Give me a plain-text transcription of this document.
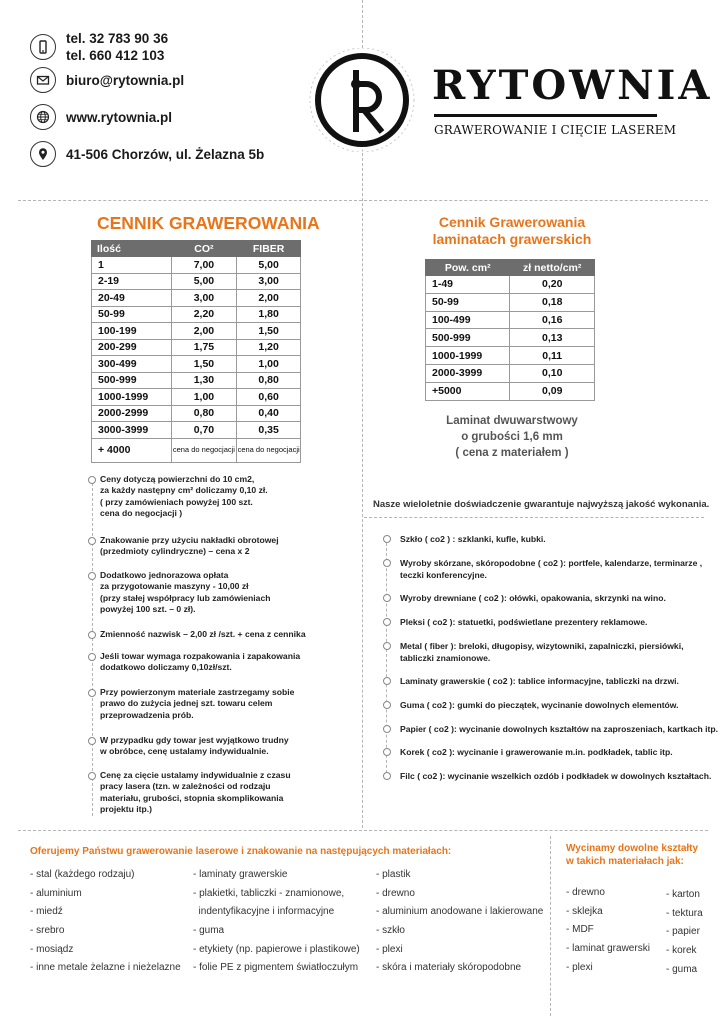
tel. 32 783 90 36
tel. 660 412 103
biuro@rytownia.pl
www.rytownia.pl
41-506 Chorzów, ul. Żelazna 5b
RYTOWNIA
GRAWEROWANIE I CIĘCIE LASEREM
CENNIK GRAWEROWANIA
Ilość	CO²	FIBER
1	7,00	5,00
2-19	5,00	3,00
20-49	3,00	2,00
50-99	2,20	1,80
100-199	2,00	1,50
200-299	1,75	1,20
300-499	1,50	1,00
500-999	1,30	0,80
1000-1999	1,00	0,60
2000-2999	0,80	0,40
3000-3999	0,70	0,35
+ 4000	cena do negocjacji	cena do negocjacji
Cennik Grawerowania
laminatach grawerskich
Pow. cm²	zł netto/cm²
1-49	0,20
50-99	0,18
100-499	0,16
500-999	0,13
1000-1999	0,11
2000-3999	0,10
+5000	0,09
Laminat dwuwarstwowy
o grubości 1,6 mm
( cena z materiałem )
Ceny dotyczą powierzchni do 10 cm2,
za każdy następny cm² doliczamy 0,10 zł.
( przy zamówieniach powyżej 100 szt.
cena do negocjacji )
Znakowanie przy użyciu nakładki obrotowej
(przedmioty cylindryczne) – cena x 2
Dodatkowo jednorazowa opłata
za przygotowanie maszyny - 10,00 zł
(przy stałej współpracy lub zamówieniach
powyżej 100 szt. – 0 zł).
Zmienność nazwisk – 2,00 zł /szt. + cena z cennika
Jeśli towar wymaga rozpakowania i zapakowania
dodatkowo doliczamy 0,10zł/szt.
Przy powierzonym materiale zastrzegamy sobie
prawo do zużycia jednej szt. towaru celem
przeprowadzenia prób.
W przypadku gdy towar jest wyjątkowo trudny
w obróbce, cenę ustalamy indywidualnie.
Cenę za cięcie ustalamy indywidualnie z czasu
pracy lasera (tzn. w zależności od rodzaju
materiału, grubości, stopnia skomplikowania
projektu itp.)
Nasze wieloletnie doświadczenie gwarantuje najwyższą jakość wykonania.
Szkło ( co2 ) : szklanki, kufle, kubki.
Wyroby skórzane, skóropodobne ( co2 ): portfele, kalendarze, terminarze ,
teczki konferencyjne.
Wyroby drewniane ( co2 ): ołówki, opakowania, skrzynki na wino.
Pleksi ( co2 ): statuetki, podświetlane prezentery reklamowe.
Metal ( fiber ): breloki, długopisy, wizytowniki, zapalniczki, piersiówki,
tabliczki znamionowe.
Laminaty grawerskie ( co2 ): tablice informacyjne, tabliczki na drzwi.
Guma ( co2 ): gumki do pieczątek, wycinanie dowolnych elementów.
Papier ( co2 ): wycinanie dowolnych kształtów na zaproszeniach, kartkach itp.
Korek ( co2 ): wycinanie i grawerowanie m.in. podkładek, tablic itp.
Filc ( co2 ): wycinanie wszelkich ozdób i podkładek w dowolnych kształtach.
Oferujemy Państwu grawerowanie laserowe i znakowanie na następujących materiałach:
- stal (każdego rodzaju)
- aluminium
- miedź
- srebro
- mosiądz
- inne metale żelazne i nieżelazne
- laminaty grawerskie
- plakietki, tabliczki - znamionowe,
indentyfikacyjne i informacyjne
- guma
- etykiety (np. papierowe i plastikowe)
- folie PE z pigmentem światłoczułym
- plastik
- drewno
- aluminium anodowane i lakierowane
- szkło
- plexi
- skóra i materiały skóropodobne
Wycinamy dowolne kształty
w takich materiałach jak:
- drewno
- sklejka
- MDF
- laminat grawerski
- plexi
- karton
- tektura
- papier
- korek
- guma
